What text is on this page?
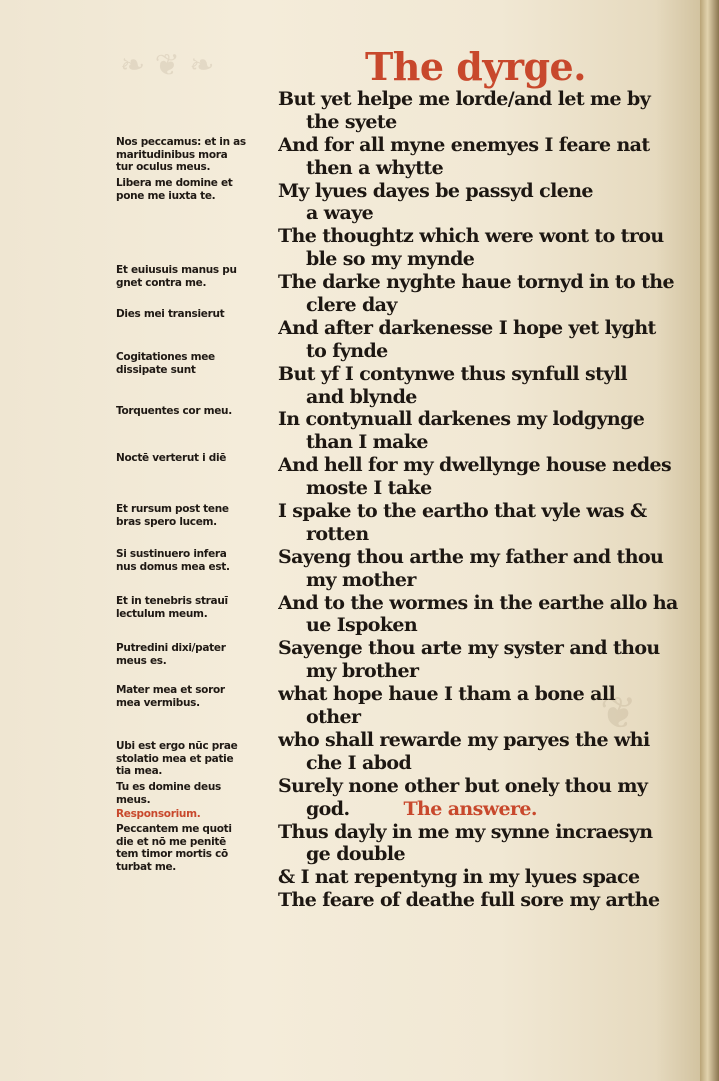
❧ ❦ ❧
❦
The dyrge.
But yet helpe me lorde/and let me by
the syete
And for all myne enemyes I feare nat
then a whytte
My lyues dayes be passyd clene
a waye
The thoughtz which were wont to trou
ble so my mynde
The darke nyghte haue tornyd in to the
clere day
And after darkenesse I hope yet lyght
to fynde
But yf I contynwe thus synfull styll
and blynde
In contynuall darkenes my lodgynge
than I make
And hell for my dwellynge house nedes
moste I take
I spake to the eartho that vyle was &
rotten
Sayeng thou arthe my father and thou
my mother
And to the wormes in the earthe allo ha
ue Ispoken
Sayenge thou arte my syster and thou
my brother
what hope haue I tham a bone all
other
who shall rewarde my paryes the whi
che I abod
Surely none other but onely thou my
god.	The answere.
Thus dayly in me my synne incraesyn
ge double
& I nat repentyng in my lyues space
The feare of deathe full sore my arthe
Nos peccamus: et in as
maritudinibus mora
tur oculus meus.
Libera me domine et
pone me iuxta te.
Et euiusuis manus pu
gnet contra me.
Dies mei transierut
Cogitationes mee
dissipate sunt
Torquentes cor meu.
Noctē verterut i diē
Et rursum post tene
bras spero lucem.
Si sustinuero infera
nus domus mea est.
Et in tenebris strauī
lectulum meum.
Putredini dixi/pater
meus es.
Mater mea et soror
mea vermibus.
Ubi est ergo nūc prae
stolatio mea et patie
tia mea.
Tu es domine deus
meus.
Responsorium.
Peccantem me quoti
die et nō me penitē
tem timor mortis cō
turbat me.
